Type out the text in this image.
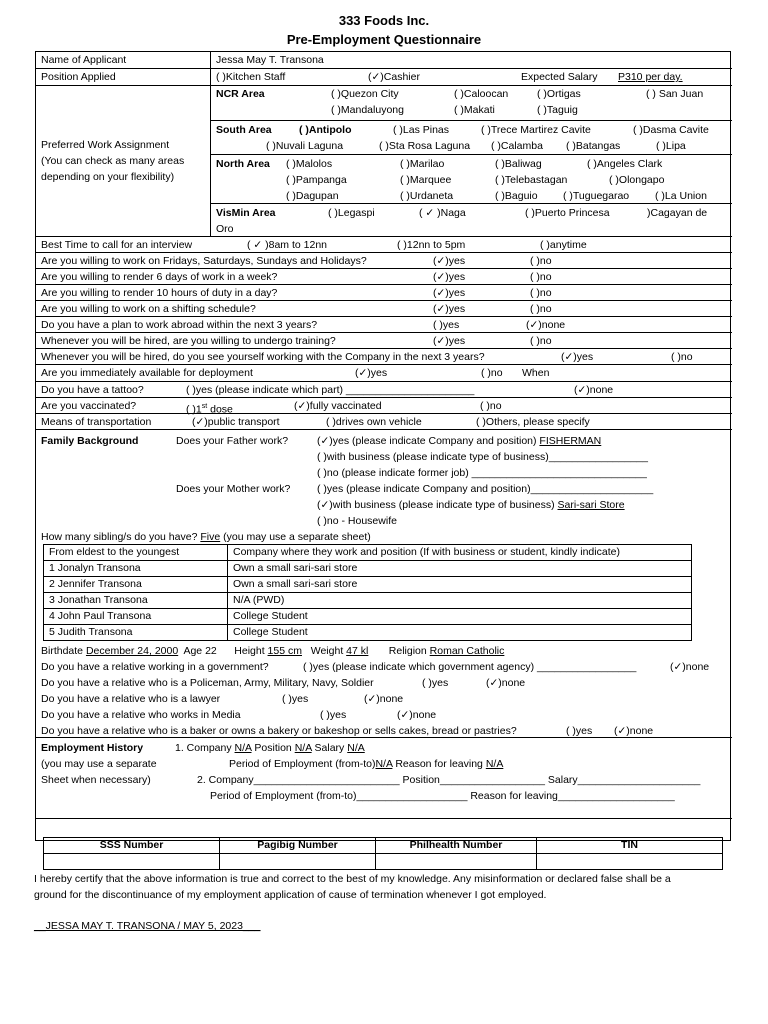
333 Foods Inc.
Pre-Employment Questionnaire
Name of Applicant	Jessa May T. Transona
Position Applied	( )Kitchen Staff	(✓)Cashier	Expected Salary P310 per day.
Preferred Work Assignment
(You can check as many areas
depending on your flexibility)
NCR Area	( )Quezon City	( )Caloocan	( )Ortigas	( ) San Juan
( )Mandaluyong	( )Makati	( )Taguig
South Area	( )Antipolo	( )Las Pinas	( )Trece Martirez Cavite	( )Dasma Cavite
( )Nuvali Laguna	( )Sta Rosa Laguna ( )Calamba ( )Batangas	( )Lipa
North Area ( )Malolos	( )Marilao	( )Baliwag	( )Angeles Clark
( )Pampanga	( )Marquee	( )Telebastagan	( )Olongapo
( )Dagupan	( )Urdaneta	( )Baguio ( )Tuguegarao ( )La Union
VisMin Area	( )Legaspi	( ✓ )Naga	( )Puerto Princesa	)Cagayan de
Oro
Best Time to call for an interview	( ✓ )8am to 12nn	( )12nn to 5pm	( )anytime
Are you willing to work on Fridays, Saturdays, Sundays and Holidays?	(✓)yes	( )no
Are you willing to render 6 days of work in a week?	(✓)yes	( )no
Are you willing to render 10 hours of duty in a day?	(✓)yes	( )no
Are you willing to work on a shifting schedule?	(✓)yes	( )no
Do you have a plan to work abroad within the next 3 years?	( )yes	(✓)none
Whenever you will be hired, are you willing to undergo training?	(✓)yes	( )no
Whenever you will be hired, do you see yourself working with the Company in the next 3 years?	(✓)yes	( )no
Are you immediately available for deployment	(✓)yes	( )no When
Do you have a tattoo?	( )yes (please indicate which part) ______________________	(✓)none
Are you vaccinated?	( )1st dose	(✓)fully vaccinated	( )no
Means of transportation	(✓)public transport	( )drives own vehicle	( )Others, please specify
Family Background	Does your Father work?	(✓)yes (please indicate Company and position) FISHERMAN
( )with business (please indicate type of business)_________________
( )no (please indicate former job) ______________________________
Does your Mother work?	( )yes (please indicate Company and position)_____________________
(✓)with business (please indicate type of business) Sari-sari Store
( )no - Housewife
How many sibling/s do you have? Five (you may use a separate sheet)
From eldest to the youngest	Company where they work and position (If with business or student, kindly indicate)
1 Jonalyn Transona	Own a small sari-sari store
2 Jennifer Transona	Own a small sari-sari store
3 Jonathan Transona	N/A (PWD)
4 John Paul Transona	College Student
5 Judith Transona	College Student
Birthdate December 24, 2000 Age 22 Height 155 cm Weight 47 kl Religion Roman Catholic
Do you have a relative working in a government?	( )yes (please indicate which government agency) _________________	(✓)none
Do you have a relative who is a Policeman, Army, Military, Navy, Soldier	( )yes	(✓)none
Do you have a relative who is a lawyer	( )yes	(✓)none
Do you have a relative who works in Media	( )yes	(✓)none
Do you have a relative who is a baker or owns a bakery or bakeshop or sells cakes, bread or pastries?	( )yes (✓)none
Employment History
(you may use a separate
Sheet when necessary)
1. Company N/A Position N/A Salary N/A
Period of Employment (from-to)N/A Reason for leaving N/A
2. Company_________________________ Position__________________ Salary_____________________
Period of Employment (from-to)___________________ Reason for leaving____________________
SSS Number	Pagibig Number	Philhealth Number	TIN

I hereby certify that the above information is true and correct to the best of my knowledge. Any misinformation or declared false shall be a ground for the discontinuance of my employment application of cause of termination whenever I got employed.
__JESSA MAY T. TRANSONA / MAY 5, 2023___
